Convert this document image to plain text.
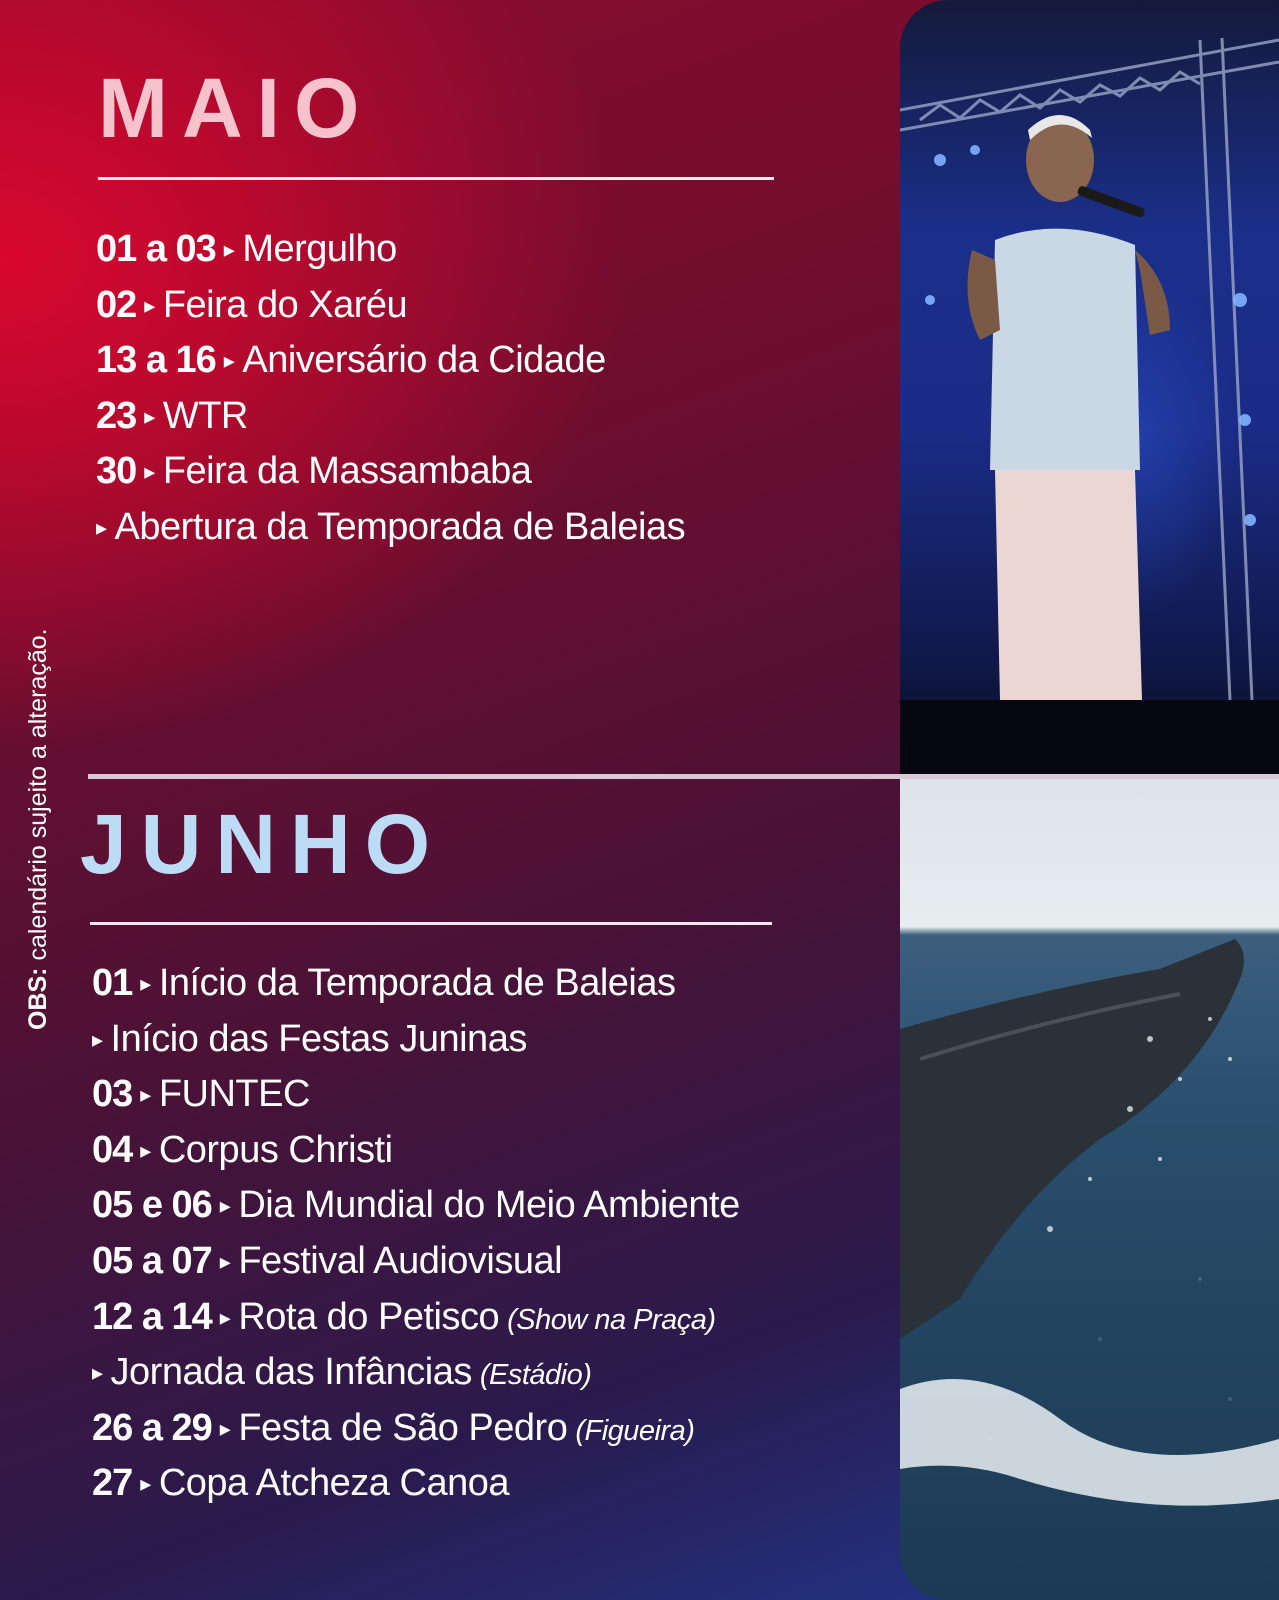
MAIO
01 a 03 ▸ Mergulho
02 ▸ Feira do Xaréu
13 a 16 ▸ Aniversário da Cidade
23 ▸ WTR
30 ▸ Feira da Massambaba
▸ Abertura da Temporada de Baleias
JUNHO
01 ▸ Início da Temporada de Baleias
▸ Início das Festas Juninas
03 ▸ FUNTEC
04 ▸ Corpus Christi
05 e 06 ▸ Dia Mundial do Meio Ambiente
05 a 07 ▸ Festival Audiovisual
12 a 14 ▸ Rota do Petisco (Show na Praça)
▸ Jornada das Infâncias (Estádio)
26 a 29 ▸ Festa de São Pedro (Figueira)
27 ▸ Copa Atcheza Canoa
OBS: calendário sujeito a alteração.
